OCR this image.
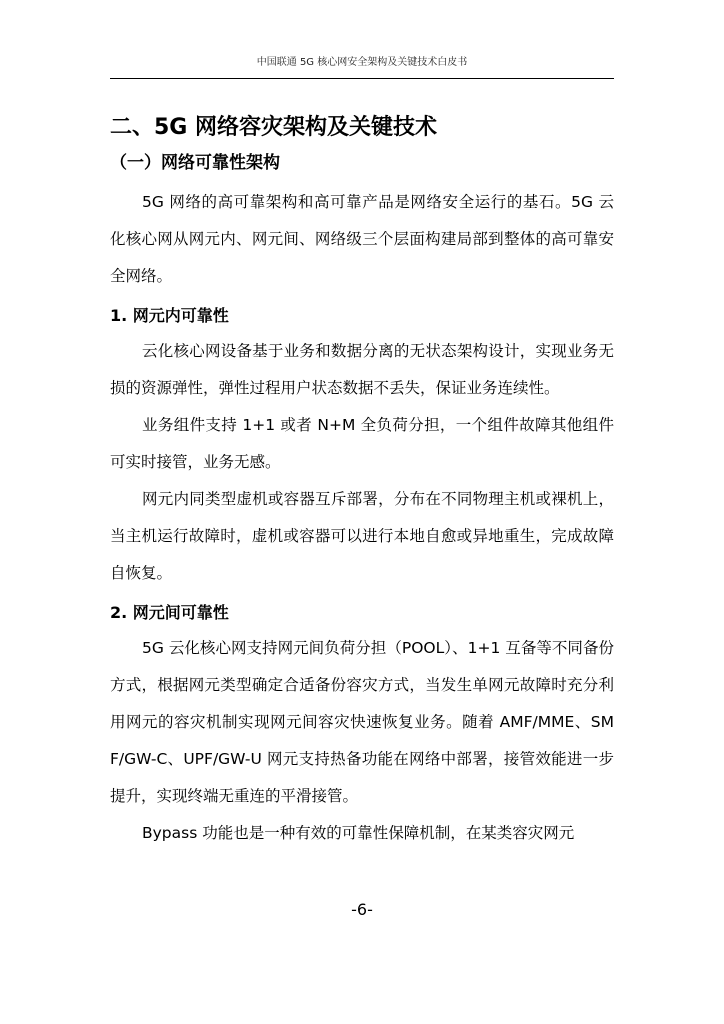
中国联通 5G 核心网安全架构及关键技术白皮书
二、5G 网络容灾架构及关键技术
（一）网络可靠性架构

5G 网络的高可靠架构和高可靠产品是网络安全运行的基石。5G 云化核心网从网元内、网元间、网络级三个层面构建局部到整体的高可靠安全网络。

1. 网元内可靠性

云化核心网设备基于业务和数据分离的无状态架构设计，实现业务无损的资源弹性，弹性过程用户状态数据不丢失，保证业务连续性。

业务组件支持 1+1 或者 N+M 全负荷分担，一个组件故障其他组件可实时接管，业务无感。

网元内同类型虚机或容器互斥部署，分布在不同物理主机或裸机上，当主机运行故障时，虚机或容器可以进行本地自愈或异地重生，完成故障自恢复。

2. 网元间可靠性

5G 云化核心网支持网元间负荷分担（POOL）、1+1 互备等不同备份方式，根据网元类型确定合适备份容灾方式，当发生单网元故障时充分利用网元的容灾机制实现网元间容灾快速恢复业务。随着 AMF/MME、SMF/GW-C、UPF/GW-U 网元支持热备功能在网络中部署，接管效能进一步提升，实现终端无重连的平滑接管。

Bypass 功能也是一种有效的可靠性保障机制，在某类容灾网元

-6-
